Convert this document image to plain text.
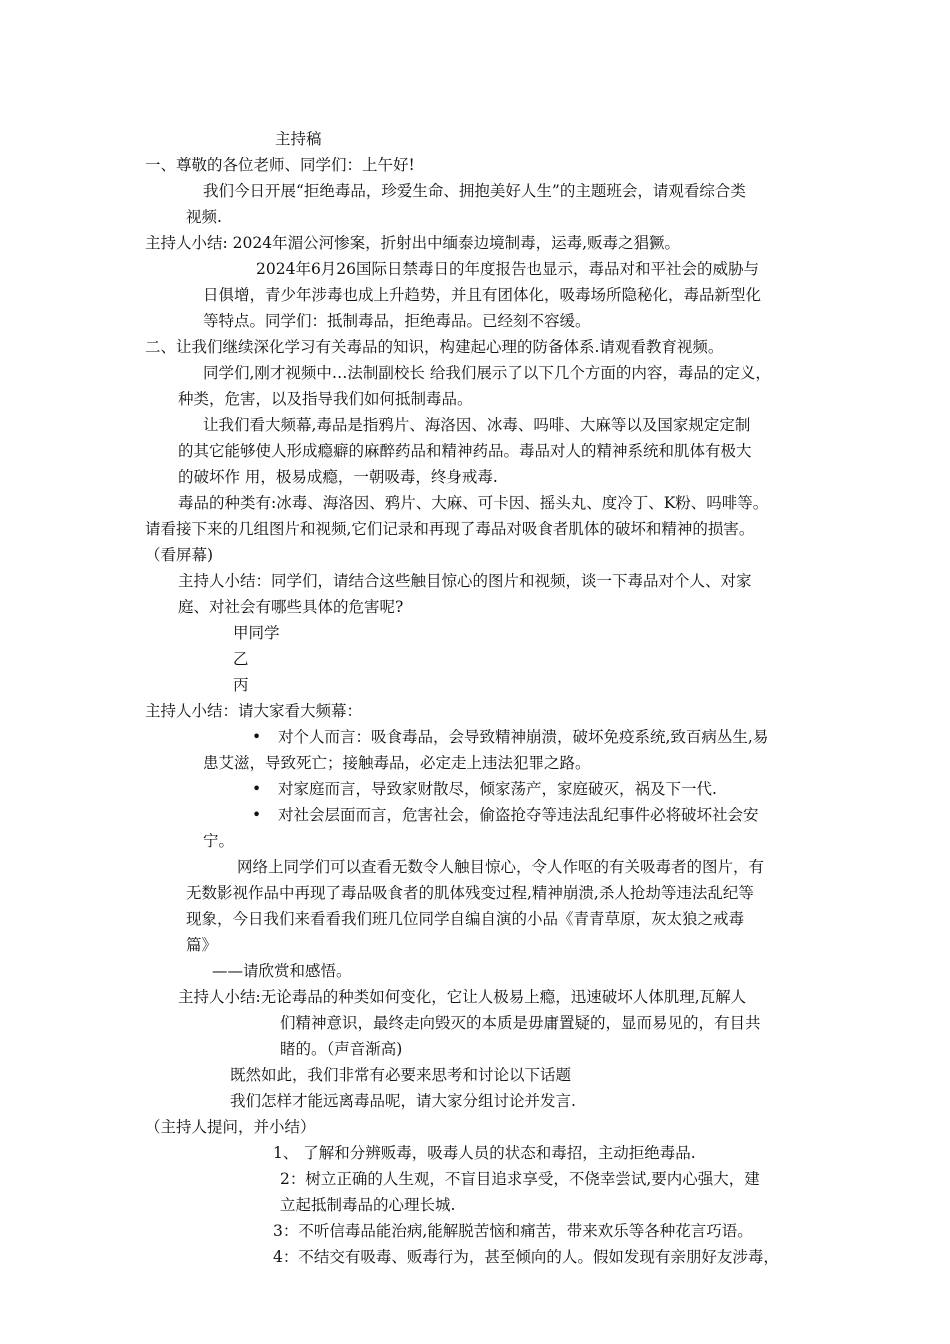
主持稿
一、尊敬的各位老师、同学们：上午好!
我们今日开展“拒绝毒品，珍爱生命、拥抱美好人生”的主题班会，请观看综合类
视频.
主持人小结: 2024年湄公河惨案，折射出中缅泰边境制毒，运毒,贩毒之猖獗。
2024年6月26国际日禁毒日的年度报告也显示，毒品对和平社会的威胁与
日俱增，青少年涉毒也成上升趋势，并且有团体化，吸毒场所隐秘化，毒品新型化
等特点。同学们：抵制毒品，拒绝毒品。已经刻不容缓。
二、让我们继续深化学习有关毒品的知识，构建起心理的防备体系.请观看教育视频。
同学们,刚才视频中…法制副校长 给我们展示了以下几个方面的内容，毒品的定义，
种类，危害，以及指导我们如何抵制毒品。
让我们看大频幕,毒品是指鸦片、海洛因、冰毒、吗啡、大麻等以及国家规定定制
的其它能够使人形成瘾癖的麻醉药品和精神药品。毒品对人的精神系统和肌体有极大
的破坏作 用，极易成瘾，一朝吸毒，终身戒毒.
毒品的种类有:冰毒、海洛因、鸦片、大麻、可卡因、摇头丸、度冷丁、K粉、吗啡等。
请看接下来的几组图片和视频,它们记录和再现了毒品对吸食者肌体的破坏和精神的损害。
（看屏幕)
主持人小结：同学们，请结合这些触目惊心的图片和视频，谈一下毒品对个人、对家
庭、对社会有哪些具体的危害呢?
甲同学
乙
丙
主持人小结：请大家看大频幕：
• 对个人而言：吸食毒品，会导致精神崩溃，破坏免疫系统,致百病丛生,易
患艾滋，导致死亡；接触毒品，必定走上违法犯罪之路。
• 对家庭而言，导致家财散尽，倾家荡产，家庭破灭，祸及下一代.
• 对社会层面而言，危害社会，偷盗抢夺等违法乱纪事件必将破坏社会安
宁。
网络上同学们可以查看无数令人触目惊心，令人作呕的有关吸毒者的图片，有
无数影视作品中再现了毒品吸食者的肌体残变过程,精神崩溃,杀人抢劫等违法乱纪等
现象，今日我们来看看我们班几位同学自编自演的小品《青青草原，灰太狼之戒毒
篇》
——请欣赏和感悟。
主持人小结:无论毒品的种类如何变化，它让人极易上瘾，迅速破坏人体肌理,瓦解人
们精神意识，最终走向毁灭的本质是毋庸置疑的，显而易见的，有目共
睹的。（声音渐高)
既然如此，我们非常有必要来思考和讨论以下话题
我们怎样才能远离毒品呢，请大家分组讨论并发言.
（主持人提问，并小结）
1、 了解和分辨贩毒，吸毒人员的状态和毒招，主动拒绝毒品.
2：树立正确的人生观，不盲目追求享受，不侥幸尝试,要内心强大，建
立起抵制毒品的心理长城.
3：不听信毒品能治病,能解脱苦恼和痛苦，带来欢乐等各种花言巧语。
4：不结交有吸毒、贩毒行为，甚至倾向的人。假如发现有亲朋好友涉毒，
